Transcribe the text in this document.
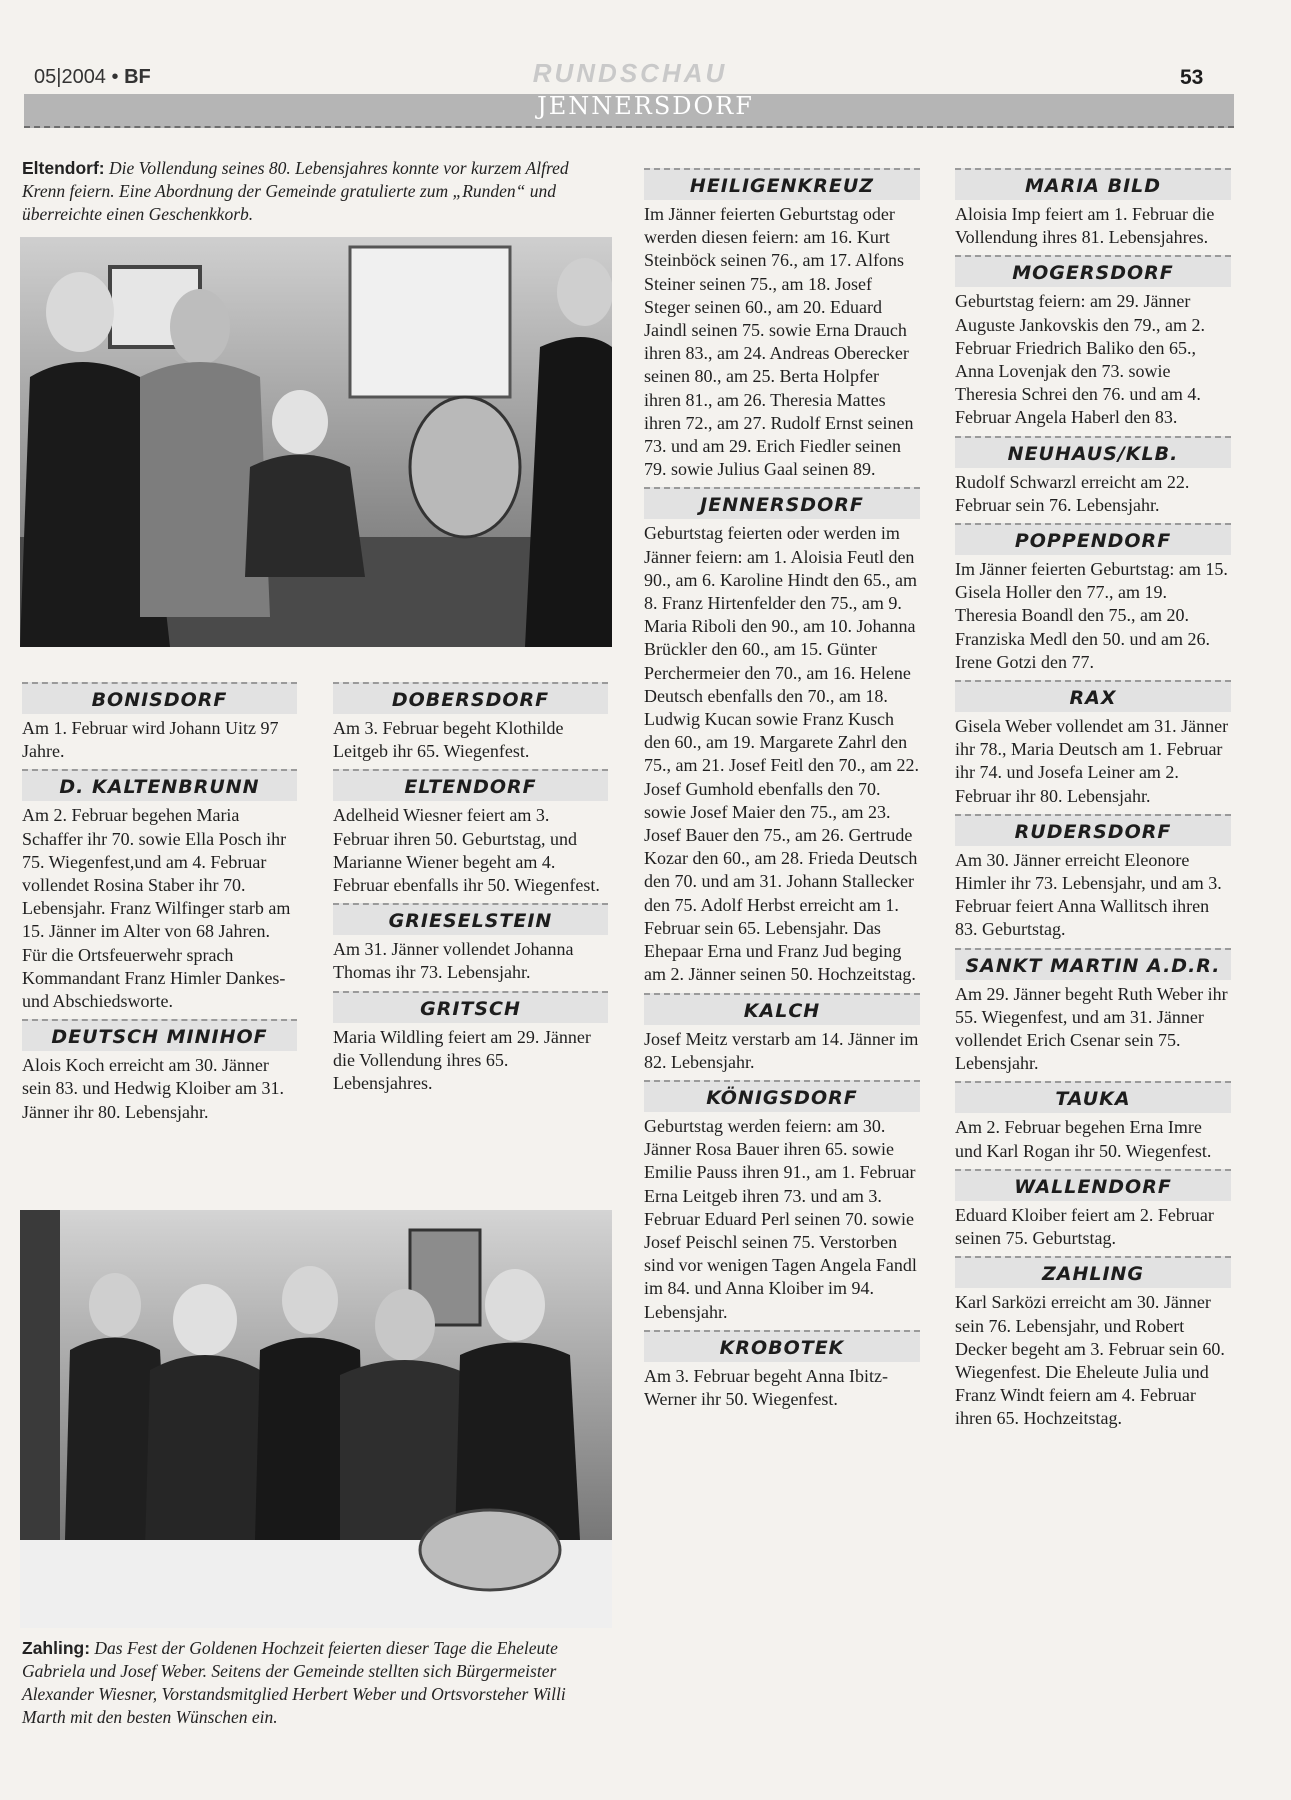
05|2004 • BF	RUNDSCHAU	53
JENNERSDORF
Eltendorf: Die Vollendung seines 80. Lebensjahres konnte vor kurzem Alfred Krenn feiern. Eine Abordnung der Gemeinde gratulierte zum „Runden“ und überreichte einen Geschenkkorb.
BONISDORF
Am 1. Februar wird Johann Uitz 97 Jahre.
D. KALTENBRUNN
Am 2. Februar begehen Maria Schaffer ihr 70. sowie Ella Posch ihr 75. Wiegenfest,und am 4. Februar vollendet Rosina Staber ihr 70. Lebensjahr. Franz Wilfinger starb am 15. Jänner im Alter von 68 Jahren. Für die Ortsfeuerwehr sprach Kommandant Franz Himler Dankes- und Abschiedsworte.
DEUTSCH MINIHOF
Alois Koch erreicht am 30. Jänner sein 83. und Hedwig Kloiber am 31. Jänner ihr 80. Lebensjahr.
DOBERSDORF
Am 3. Februar begeht Klothilde Leitgeb ihr 65. Wiegenfest.
ELTENDORF
Adelheid Wiesner feiert am 3. Februar ihren 50. Geburtstag, und Marianne Wiener begeht am 4. Februar ebenfalls ihr 50. Wiegenfest.
GRIESELSTEIN
Am 31. Jänner vollendet Johanna Thomas ihr 73. Lebensjahr.
GRITSCH
Maria Wildling feiert am 29. Jänner die Vollendung ihres 65. Lebensjahres.
Zahling: Das Fest der Goldenen Hochzeit feierten dieser Tage die Eheleute Gabriela und Josef Weber. Seitens der Gemeinde stellten sich Bürgermeister Alexander Wiesner, Vorstandsmitglied Herbert Weber und Ortsvorsteher Willi Marth mit den besten Wünschen ein.
HEILIGENKREUZ
Im Jänner feierten Geburtstag oder werden diesen feiern: am 16. Kurt Steinböck seinen 76., am 17. Alfons Steiner seinen 75., am 18. Josef Steger seinen 60., am 20. Eduard Jaindl seinen 75. sowie Erna Drauch ihren 83., am 24. Andreas Oberecker seinen 80., am 25. Berta Holpfer ihren 81., am 26. Theresia Mattes ihren 72., am 27. Rudolf Ernst seinen 73. und am 29. Erich Fiedler seinen 79. sowie Julius Gaal seinen 89.
JENNERSDORF
Geburtstag feierten oder werden im Jänner feiern: am 1. Aloisia Feutl den 90., am 6. Karoline Hindt den 65., am 8. Franz Hirtenfelder den 75., am 9. Maria Riboli den 90., am 10. Johanna Brückler den 60., am 15. Günter Perchermeier den 70., am 16. Helene Deutsch ebenfalls den 70., am 18. Ludwig Kucan sowie Franz Kusch den 60., am 19. Margarete Zahrl den 75., am 21. Josef Feitl den 70., am 22. Josef Gumhold ebenfalls den 70. sowie Josef Maier den 75., am 23. Josef Bauer den 75., am 26. Gertrude Kozar den 60., am 28. Frieda Deutsch den 70. und am 31. Johann Stallecker den 75. Adolf Herbst erreicht am 1. Februar sein 65. Lebensjahr. Das Ehepaar Erna und Franz Jud beging am 2. Jänner seinen 50. Hochzeitstag.
KALCH
Josef Meitz verstarb am 14. Jänner im 82. Lebensjahr.
KÖNIGSDORF
Geburtstag werden feiern: am 30. Jänner Rosa Bauer ihren 65. sowie Emilie Pauss ihren 91., am 1. Februar Erna Leitgeb ihren 73. und am 3. Februar Eduard Perl seinen 70. sowie Josef Peischl seinen 75. Verstorben sind vor wenigen Tagen Angela Fandl im 84. und Anna Kloiber im 94. Lebensjahr.
KROBOTEK
Am 3. Februar begeht Anna Ibitz-Werner ihr 50. Wiegenfest.
MARIA BILD
Aloisia Imp feiert am 1. Februar die Vollendung ihres 81. Lebensjahres.
MOGERSDORF
Geburtstag feiern: am 29. Jänner Auguste Jankovskis den 79., am 2. Februar Friedrich Baliko den 65., Anna Lovenjak den 73. sowie Theresia Schrei den 76. und am 4. Februar Angela Haberl den 83.
NEUHAUS/KLB.
Rudolf Schwarzl erreicht am 22. Februar sein 76. Lebensjahr.
POPPENDORF
Im Jänner feierten Geburtstag: am 15. Gisela Holler den 77., am 19. Theresia Boandl den 75., am 20. Franziska Medl den 50. und am 26. Irene Gotzi den 77.
RAX
Gisela Weber vollendet am 31. Jänner ihr 78., Maria Deutsch am 1. Februar ihr 74. und Josefa Leiner am 2. Februar ihr 80. Lebensjahr.
RUDERSDORF
Am 30. Jänner erreicht Eleonore Himler ihr 73. Lebensjahr, und am 3. Februar feiert Anna Wallitsch ihren 83. Geburtstag.
SANKT MARTIN A.D.R.
Am 29. Jänner begeht Ruth Weber ihr 55. Wiegenfest, und am 31. Jänner vollendet Erich Csenar sein 75. Lebensjahr.
TAUKA
Am 2. Februar begehen Erna Imre und Karl Rogan ihr 50. Wiegenfest.
WALLENDORF
Eduard Kloiber feiert am 2. Februar seinen 75. Geburtstag.
ZAHLING
Karl Sarközi erreicht am 30. Jänner sein 76. Lebensjahr, und Robert Decker begeht am 3. Februar sein 60. Wiegenfest. Die Eheleute Julia und Franz Windt feiern am 4. Februar ihren 65. Hochzeitstag.
